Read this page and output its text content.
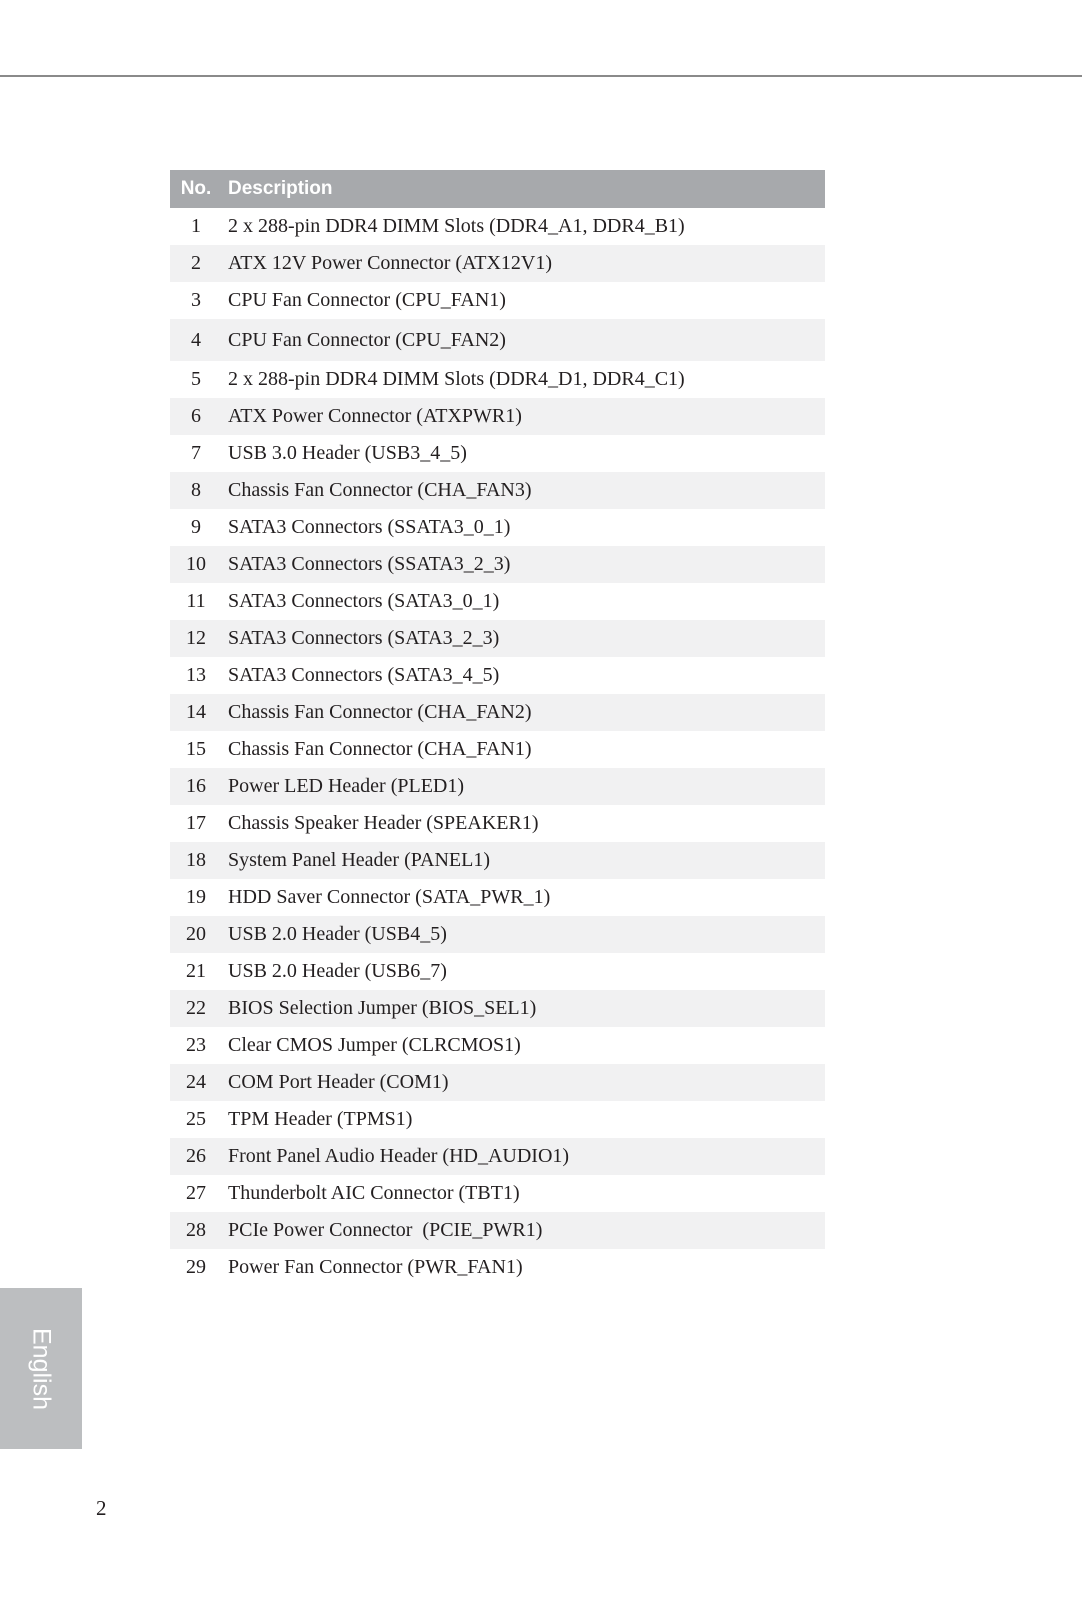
No. Description
1	2 x 288-pin DDR4 DIMM Slots (DDR4_A1, DDR4_B1)
2	ATX 12V Power Connector (ATX12V1)
3	CPU Fan Connector (CPU_FAN1)
4	CPU Fan Connector (CPU_FAN2)
5	2 x 288-pin DDR4 DIMM Slots (DDR4_D1, DDR4_C1)
6	ATX Power Connector (ATXPWR1)
7	USB 3.0 Header (USB3_4_5)
8	Chassis Fan Connector (CHA_FAN3)
9	SATA3 Connectors (SSATA3_0_1)
10	SATA3 Connectors (SSATA3_2_3)
11	SATA3 Connectors (SATA3_0_1)
12	SATA3 Connectors (SATA3_2_3)
13	SATA3 Connectors (SATA3_4_5)
14	Chassis Fan Connector (CHA_FAN2)
15	Chassis Fan Connector (CHA_FAN1)
16	Power LED Header (PLED1)
17	Chassis Speaker Header (SPEAKER1)
18	System Panel Header (PANEL1)
19	HDD Saver Connector (SATA_PWR_1)
20	USB 2.0 Header (USB4_5)
21	USB 2.0 Header (USB6_7)
22	BIOS Selection Jumper (BIOS_SEL1)
23	Clear CMOS Jumper (CLRCMOS1)
24	COM Port Header (COM1)
25	TPM Header (TPMS1)
26	Front Panel Audio Header (HD_AUDIO1)
27	Thunderbolt AIC Connector (TBT1)
28	PCIe Power Connector  (PCIE_PWR1)
29	Power Fan Connector (PWR_FAN1)
English
2
